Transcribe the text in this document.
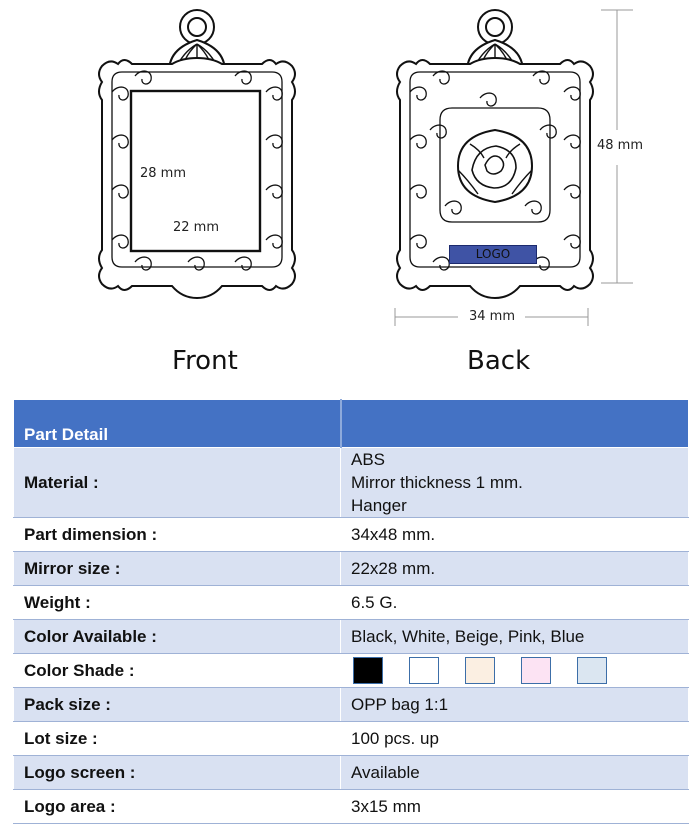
28 mm
22 mm
48 mm
34 mm
LOGO
Front	Back
Part Detail	
Material :	ABS
Mirror thickness 1 mm.
Hanger

Part dimension :	34x48 mm.
Mirror size :	22x28 mm.
Weight :	6.5 G.
Color Available :	Black, White, Beige, Pink, Blue
Color Shade :	

Pack size :	OPP bag 1:1
Lot size :	100 pcs. up
Logo screen :	Available
Logo area :	3x15 mm
